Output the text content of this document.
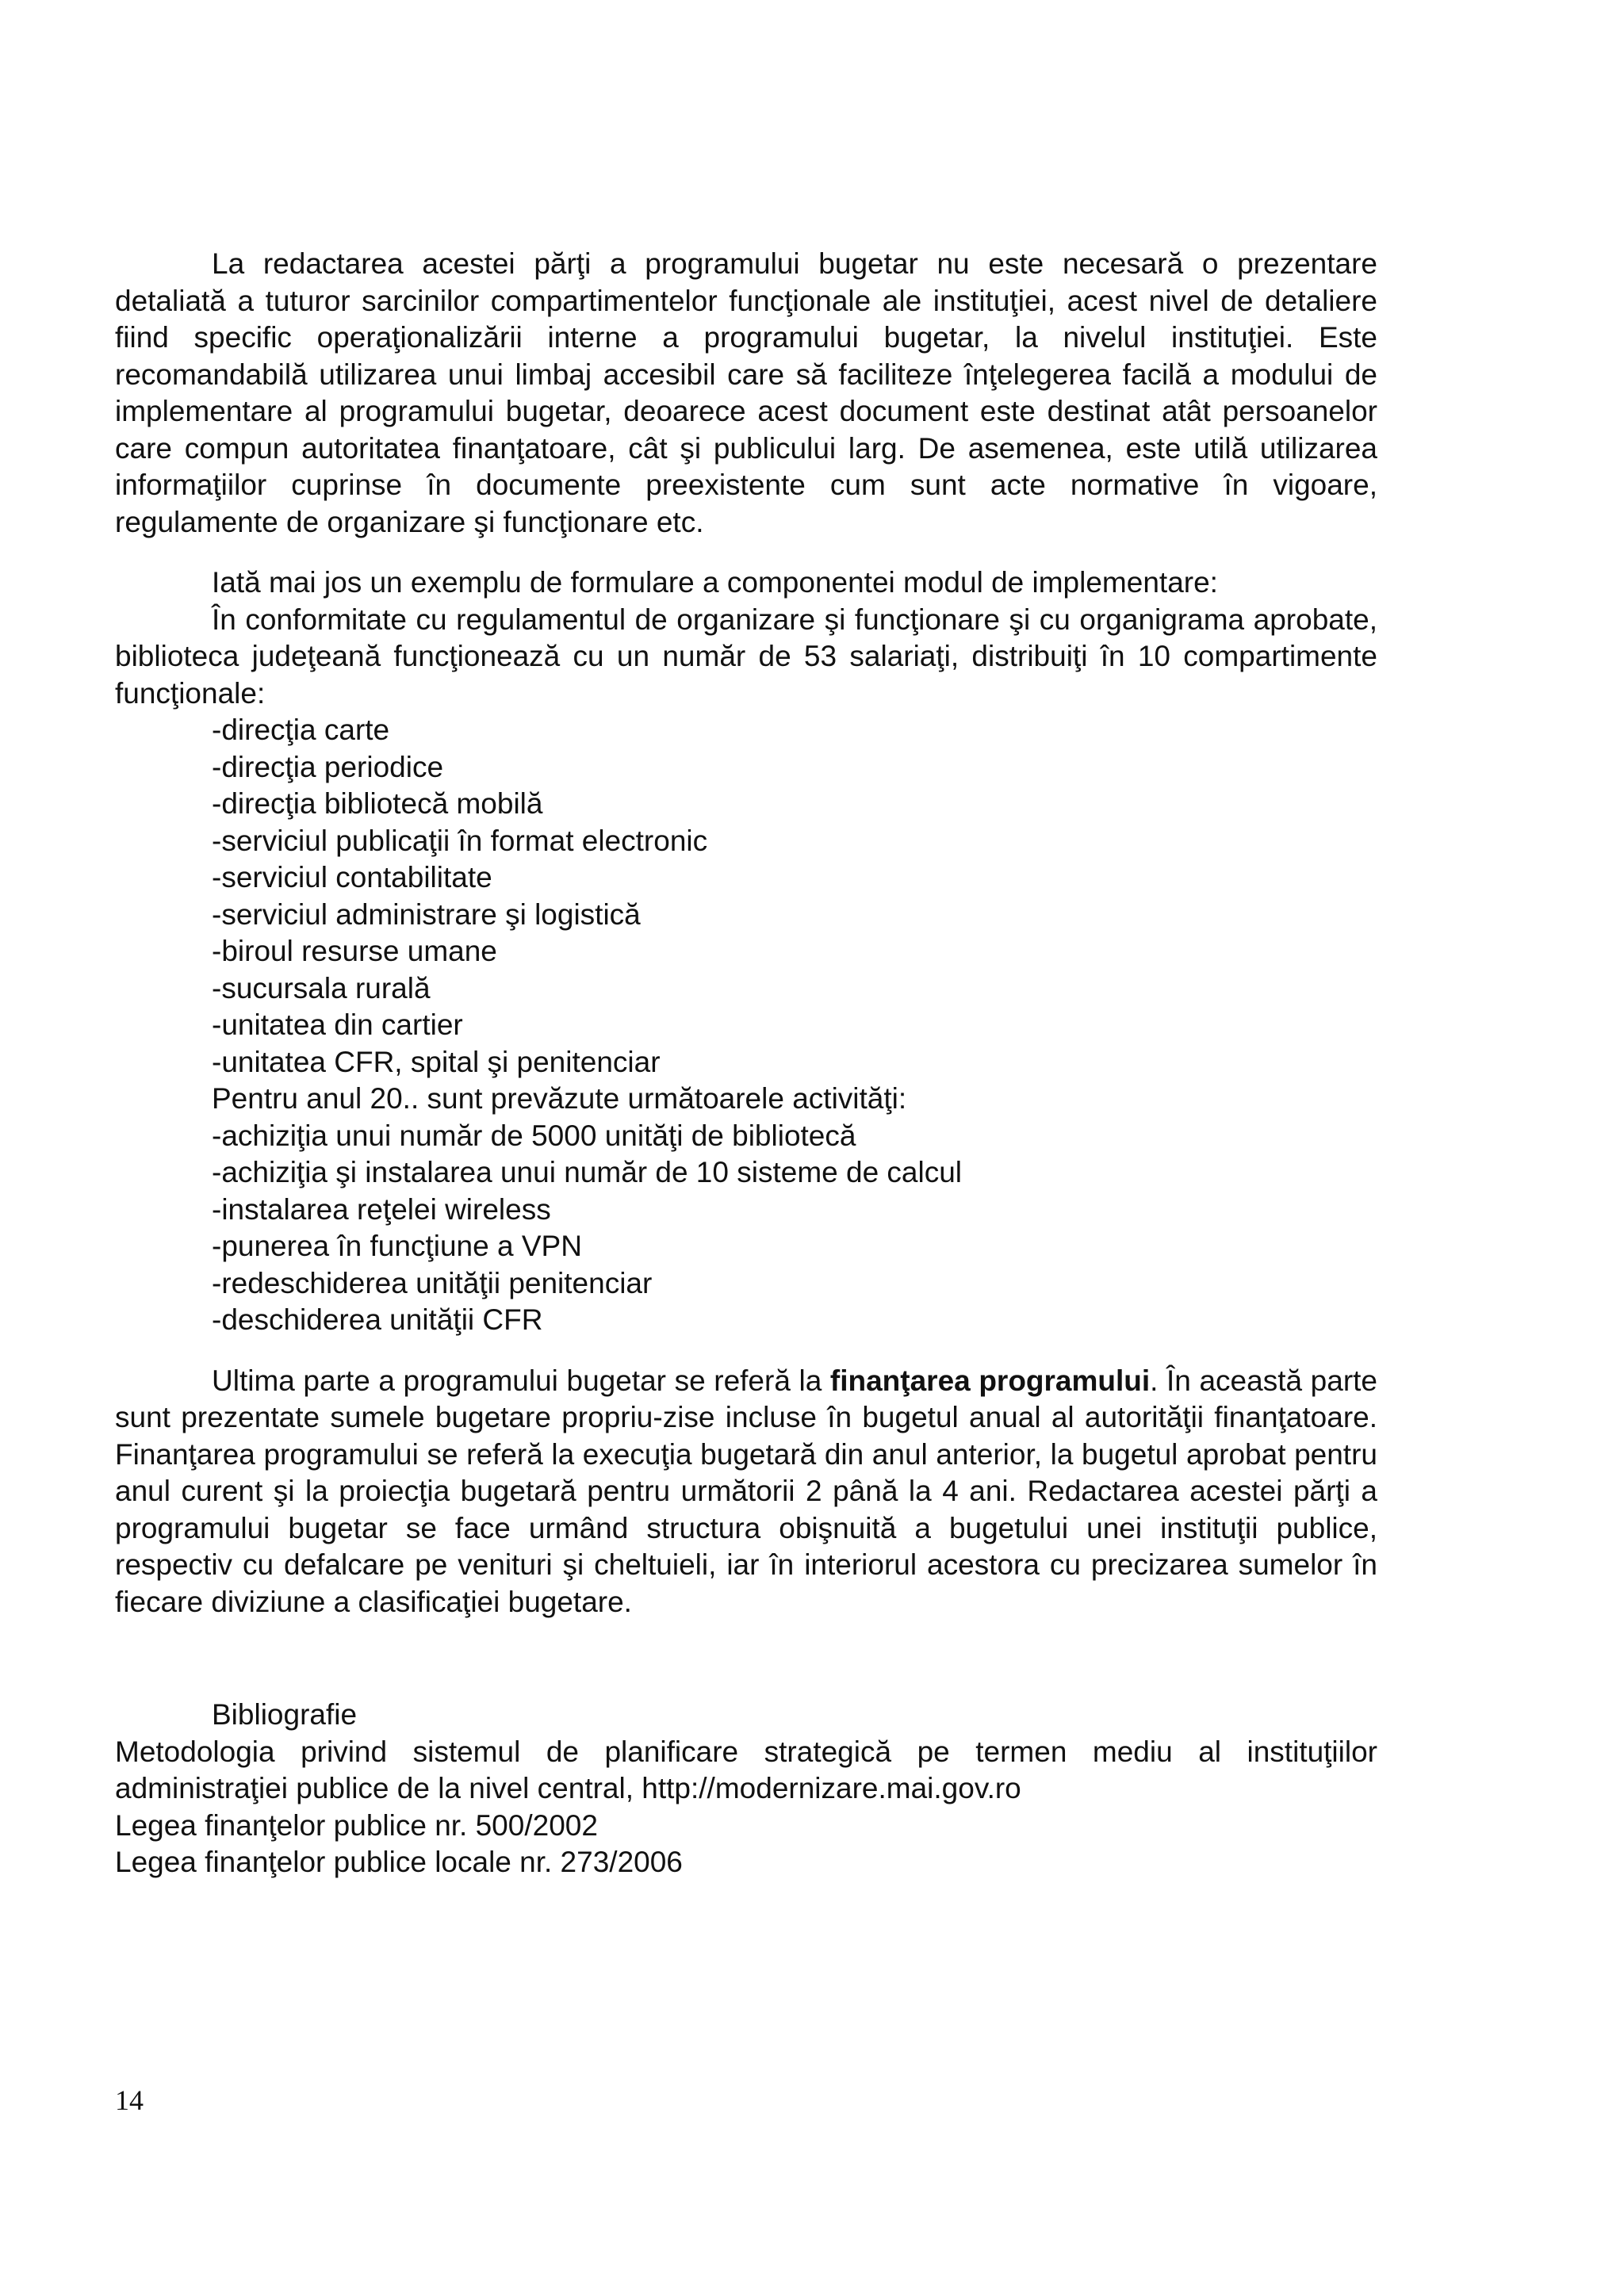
La redactarea acestei părţi a programului bugetar nu este necesară o prezentare detaliată a tuturor sarcinilor compartimentelor funcţionale ale instituţiei, acest nivel de detaliere fiind specific operaţionalizării interne a programului bugetar, la nivelul instituţiei. Este recomandabilă utilizarea unui limbaj accesibil care să faciliteze înţelegerea facilă a modului de implementare al programului bugetar, deoarece acest document este destinat atât persoanelor care compun autoritatea finanţatoare, cât şi publicului larg. De asemenea, este utilă utilizarea informaţiilor cuprinse în documente preexistente cum sunt acte normative în vigoare, regulamente de organizare şi funcţionare etc.

Iată mai jos un exemplu de formulare a componentei modul de implementare:

În conformitate cu regulamentul de organizare şi funcţionare şi cu organigrama aprobate, biblioteca judeţeană funcţionează cu un număr de 53 salariaţi, distribuiţi în 10 compartimente funcţionale:

-direcţia carte
-direcţia periodice
-direcţia bibliotecă mobilă
-serviciul publicaţii în format electronic
-serviciul contabilitate
-serviciul administrare şi logistică
-biroul resurse umane
-sucursala rurală
-unitatea din cartier
-unitatea CFR, spital şi penitenciar

Pentru anul 20.. sunt prevăzute următoarele activităţi:

-achiziţia unui număr de 5000 unităţi de bibliotecă
-achiziţia şi instalarea unui număr de 10 sisteme de calcul
-instalarea reţelei wireless
-punerea în funcţiune a VPN
-redeschiderea unităţii penitenciar
-deschiderea unităţii CFR

Ultima parte a programului bugetar se referă la finanţarea programului. În această parte sunt prezentate sumele bugetare propriu-zise incluse în bugetul anual al autorităţii finanţatoare. Finanţarea programului se referă la execuţia bugetară din anul anterior, la bugetul aprobat pentru anul curent şi la proiecţia bugetară pentru următorii 2 până la 4 ani. Redactarea acestei părţi a programului bugetar se face urmând structura obişnuită a bugetului unei instituţii publice, respectiv cu defalcare pe venituri şi cheltuieli, iar în interiorul acestora cu precizarea sumelor în fiecare diviziune a clasificaţiei bugetare.

Bibliografie

Metodologia privind sistemul de planificare strategică pe termen mediu al instituţiilor administraţiei publice de la nivel central, http://modernizare.mai.gov.ro

Legea finanţelor publice nr. 500/2002

Legea finanţelor publice locale nr. 273/2006

14
